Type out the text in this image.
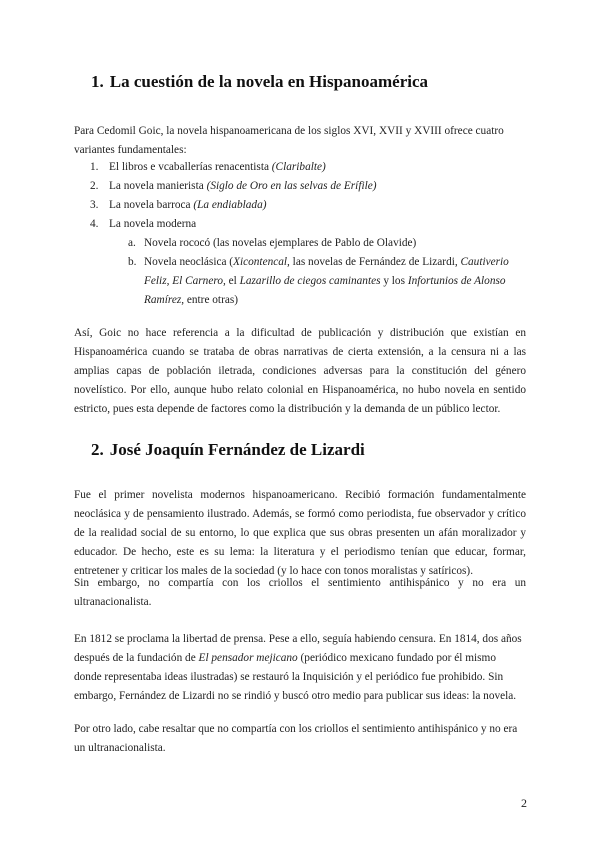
1. La cuestión de la novela en Hispanoamérica

Para Cedomil Goic, la novela hispanoamericana de los siglos XVI, XVII y XVIII ofrece cuatro variantes fundamentales:

1. El libros e vcaballerías renacentista (Claribalte)
2. La novela manierista (Siglo de Oro en las selvas de Erífile)
3. La novela barroca (La endiablada)
4. La novela moderna
a. Novela rococó (las novelas ejemplares de Pablo de Olavide)
b. Novela neoclásica (Xicontencal, las novelas de Fernández de Lizardi, Cautiverio
Feliz, El Carnero, el Lazarillo de ciegos caminantes y los Infortunios de Alonso
Ramírez, entre otras)

Así, Goic no hace referencia a la dificultad de publicación y distribución que existían en Hispanoamérica cuando se trataba de obras narrativas de cierta extensión, a la censura ni a las amplias capas de población iletrada, condiciones adversas para la constitución del género novelístico. Por ello, aunque hubo relato colonial en Hispanoamérica, no hubo novela en sentido estricto, pues esta depende de factores como la distribución y la demanda de un público lector.

2. José Joaquín Fernández de Lizardi

Fue el primer novelista modernos hispanoamericano. Recibió formación fundamentalmente neoclásica y de pensamiento ilustrado. Además, se formó como periodista, fue observador y crítico de la realidad social de su entorno, lo que explica que sus obras presenten un afán moralizador y educador. De hecho, este es su lema: la literatura y el periodismo tenían que educar, formar, entretener y criticar los males de la sociedad (y lo hace con tonos moralistas y satíricos).

Sin embargo, no compartía con los criollos el sentimiento antihispánico y no era un ultranacionalista.

En 1812 se proclama la libertad de prensa. Pese a ello, seguía habiendo censura. En 1814, dos años después de la fundación de El pensador mejicano (periódico mexicano fundado por él mismo donde representaba ideas ilustradas) se restauró la Inquisición y el periódico fue prohibido. Sin embargo, Fernández de Lizardi no se rindió y buscó otro medio para publicar sus ideas: la novela.

Por otro lado, cabe resaltar que no compartía con los criollos el sentimiento antihispánico y no era un ultranacionalista.

2
